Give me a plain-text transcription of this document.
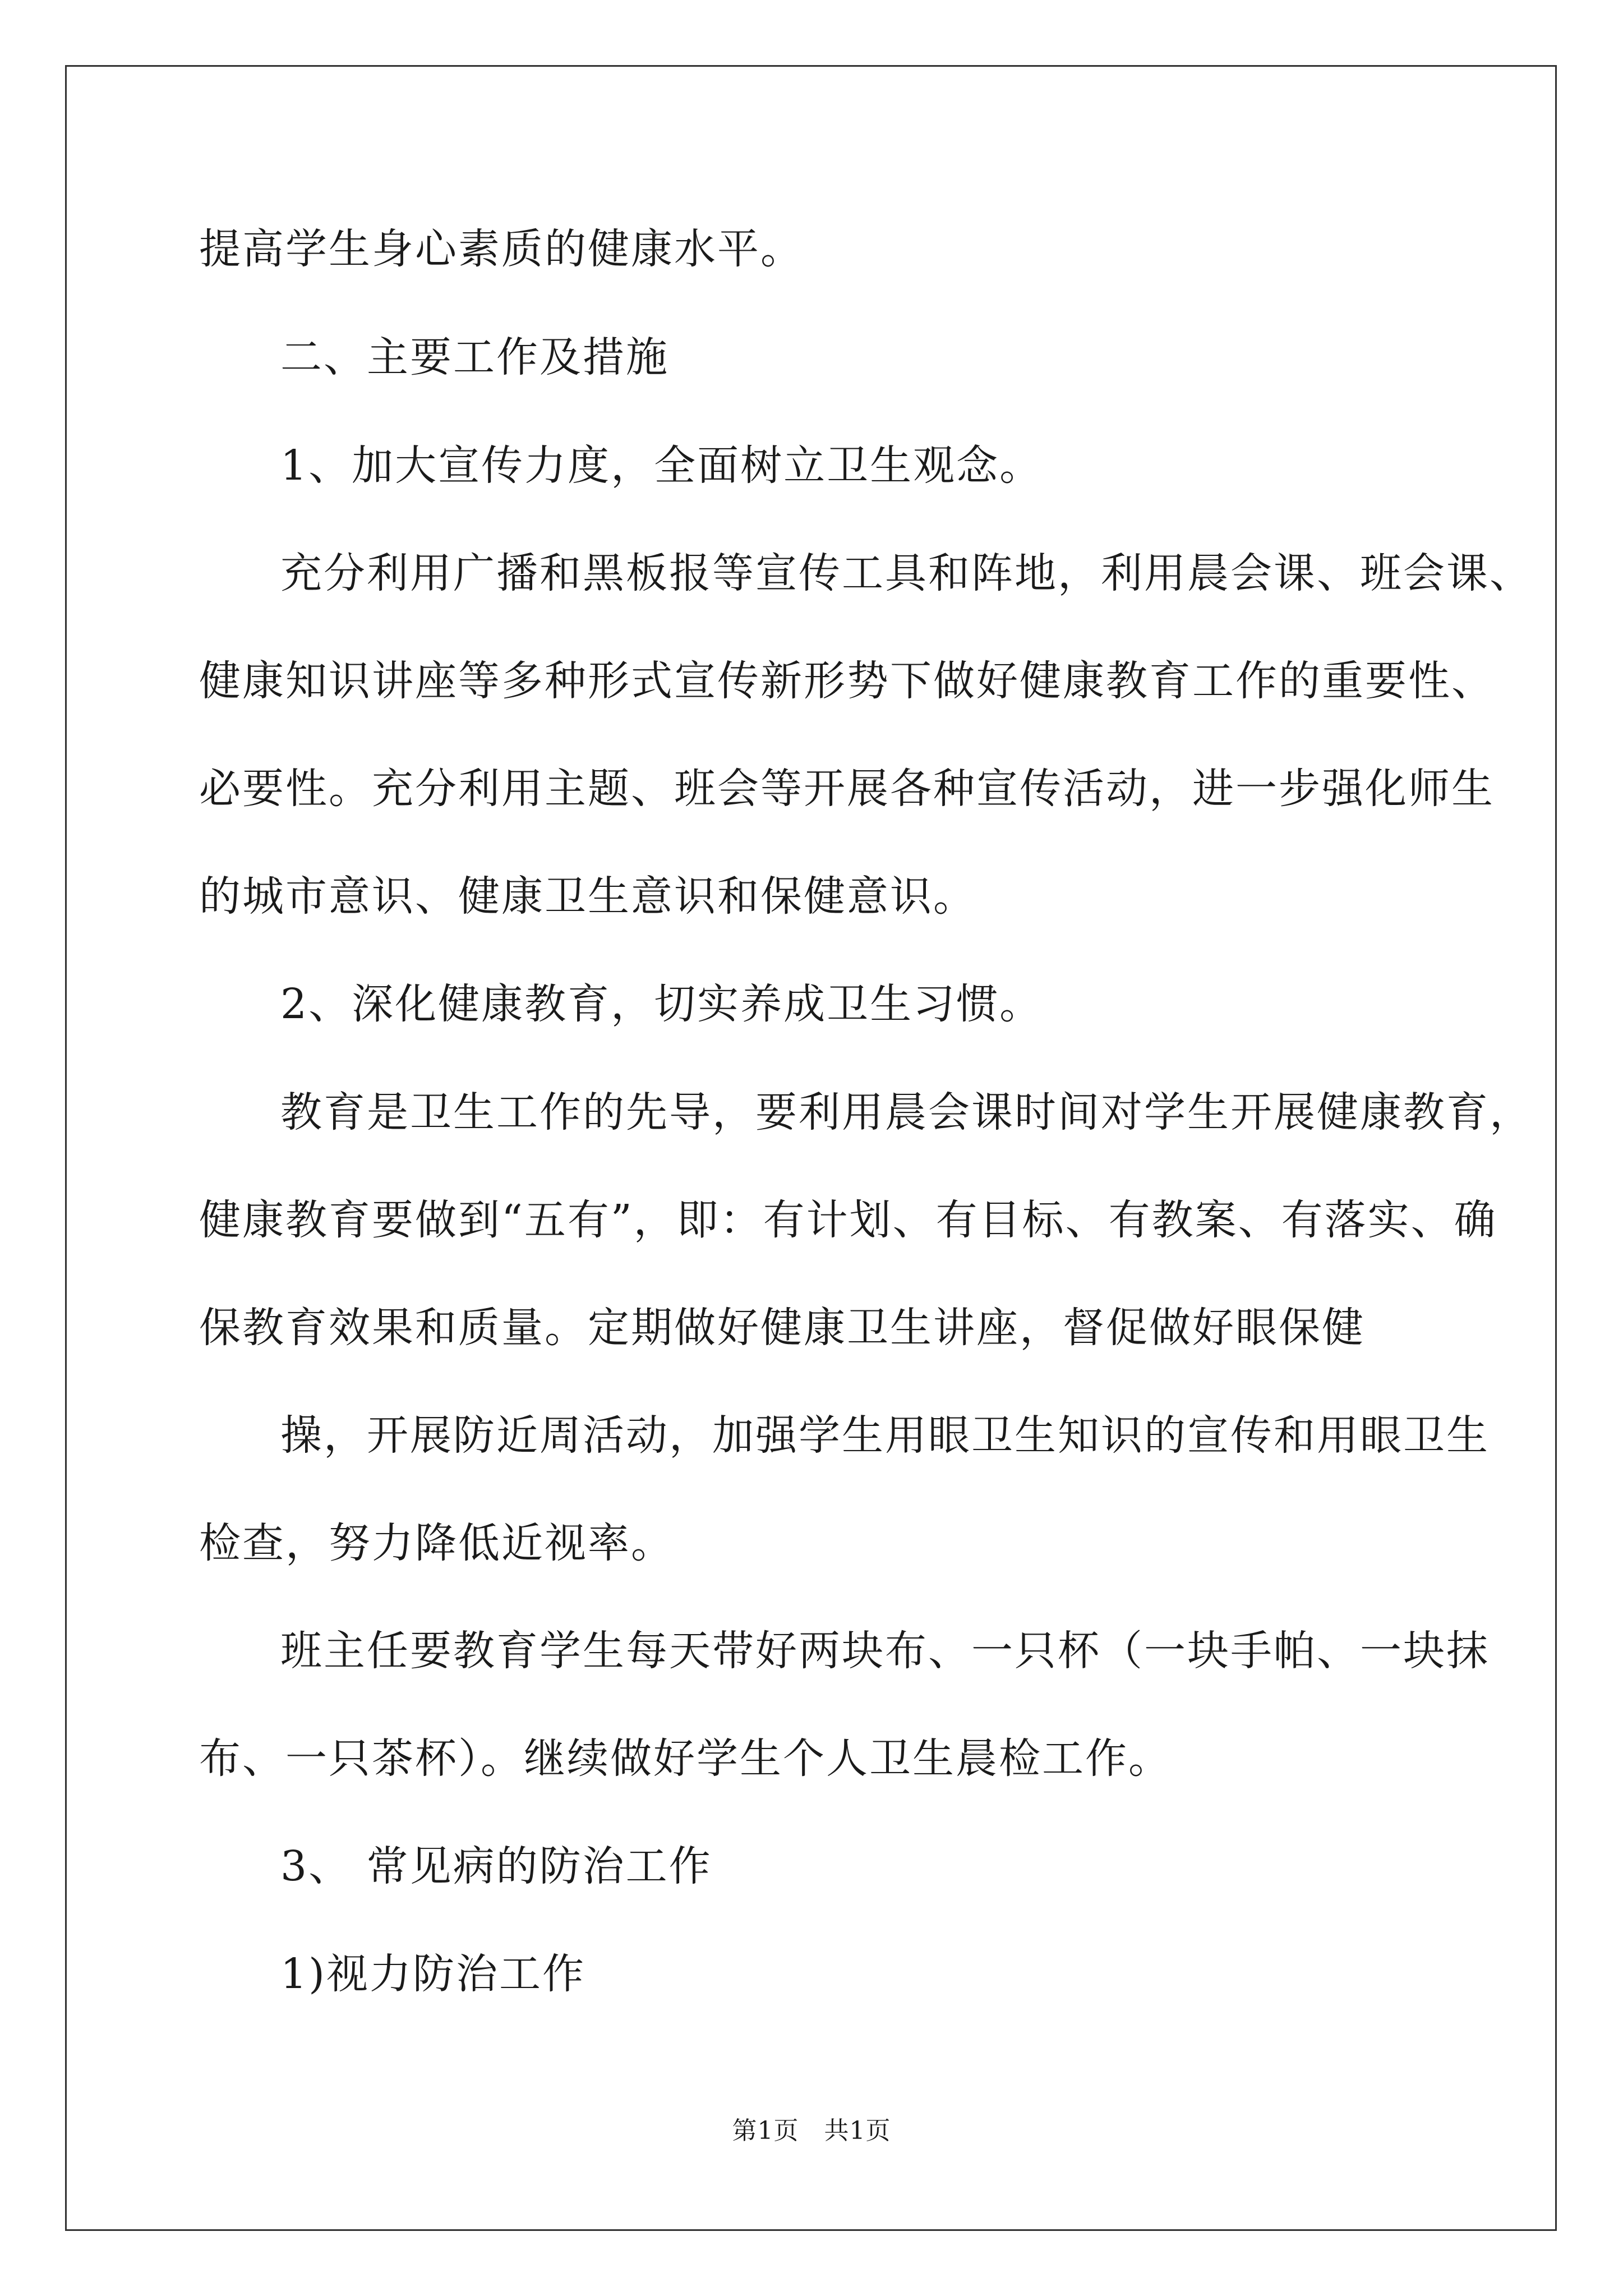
提高学生身心素质的健康水平。
二、主要工作及措施
1、加大宣传力度，全面树立卫生观念。
充分利用广播和黑板报等宣传工具和阵地，利用晨会课、班会课、
健康知识讲座等多种形式宣传新形势下做好健康教育工作的重要性、
必要性。充分利用主题、班会等开展各种宣传活动，进一步强化师生
的城市意识、健康卫生意识和保健意识。
2、深化健康教育，切实养成卫生习惯。
教育是卫生工作的先导，要利用晨会课时间对学生开展健康教育，
健康教育要做到“五有”，即：有计划、有目标、有教案、有落实、确
保教育效果和质量。定期做好健康卫生讲座，督促做好眼保健
操，开展防近周活动，加强学生用眼卫生知识的宣传和用眼卫生
检查，努力降低近视率。
班主任要教育学生每天带好两块布、一只杯（一块手帕、一块抹
布、一只茶杯）。继续做好学生个人卫生晨检工作。
3、 常见病的防治工作
1)视力防治工作
第1页　共1页
